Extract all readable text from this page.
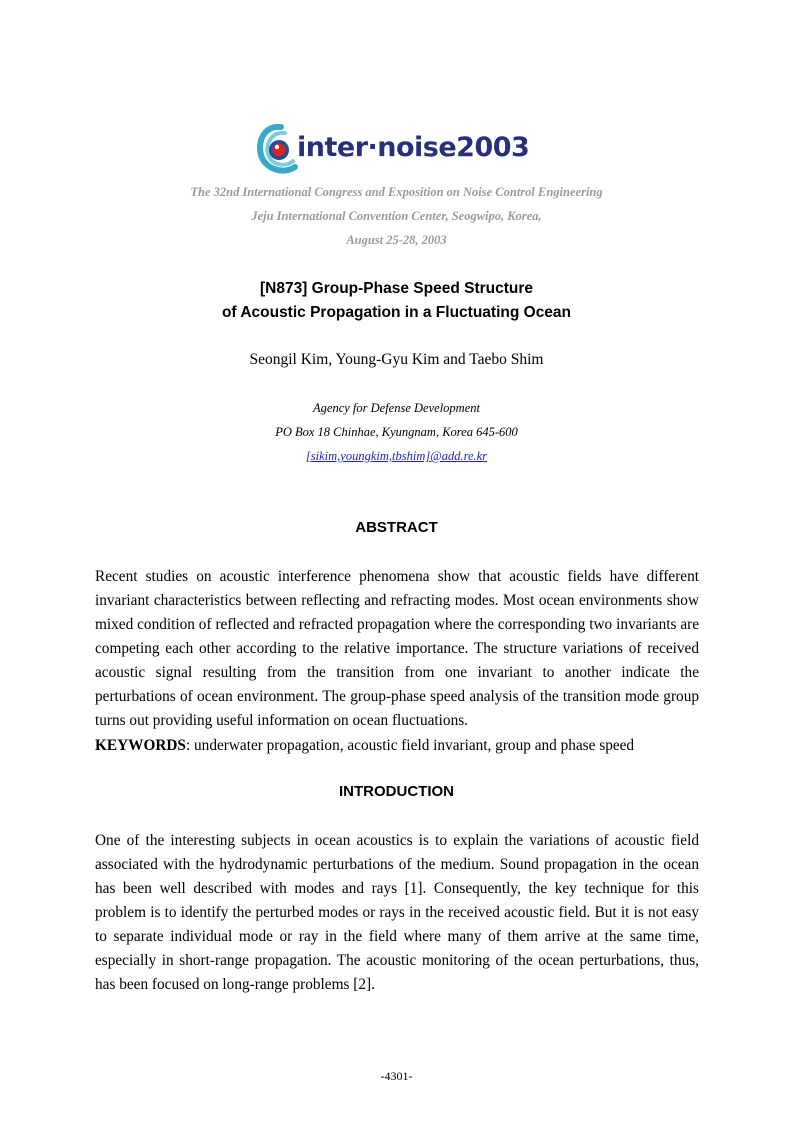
inter·noise2003
The 32nd International Congress and Exposition on Noise Control Engineering
Jeju International Convention Center, Seogwipo, Korea,
August 25-28, 2003
[N873] Group-Phase Speed Structure
of Acoustic Propagation in a Fluctuating Ocean
Seongil Kim, Young-Gyu Kim and Taebo Shim
Agency for Defense Development
PO Box 18 Chinhae, Kyungnam, Korea 645-600
[sikim,youngkim,tbshim]@add.re.kr
ABSTRACT

Recent studies on acoustic interference phenomena show that acoustic fields have different invariant characteristics between reflecting and refracting modes. Most ocean environments show mixed condition of reflected and refracted propagation where the corresponding two invariants are competing each other according to the relative importance. The structure variations of received acoustic signal resulting from the transition from one invariant to another indicate the perturbations of ocean environment. The group-phase speed analysis of the transition mode group turns out providing useful information on ocean fluctuations.

KEYWORDS: underwater propagation, acoustic field invariant, group and phase speed
INTRODUCTION

One of the interesting subjects in ocean acoustics is to explain the variations of acoustic field associated with the hydrodynamic perturbations of the medium. Sound propagation in the ocean has been well described with modes and rays [1]. Consequently, the key technique for this problem is to identify the perturbed modes or rays in the received acoustic field. But it is not easy to separate individual mode or ray in the field where many of them arrive at the same time, especially in short-range propagation. The acoustic monitoring of the ocean perturbations, thus, has been focused on long-range problems [2].

-4301-
